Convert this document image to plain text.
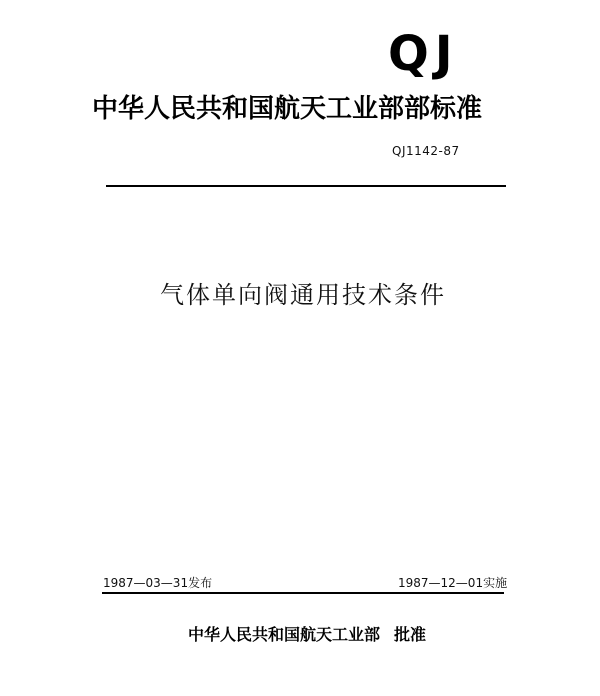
QJ
中华人民共和国航天工业部部标准
QJ1142-87
气体单向阀通用技术条件
1987—03—31发布	1987—12—01实施
中华人民共和国航天工业部 批准
